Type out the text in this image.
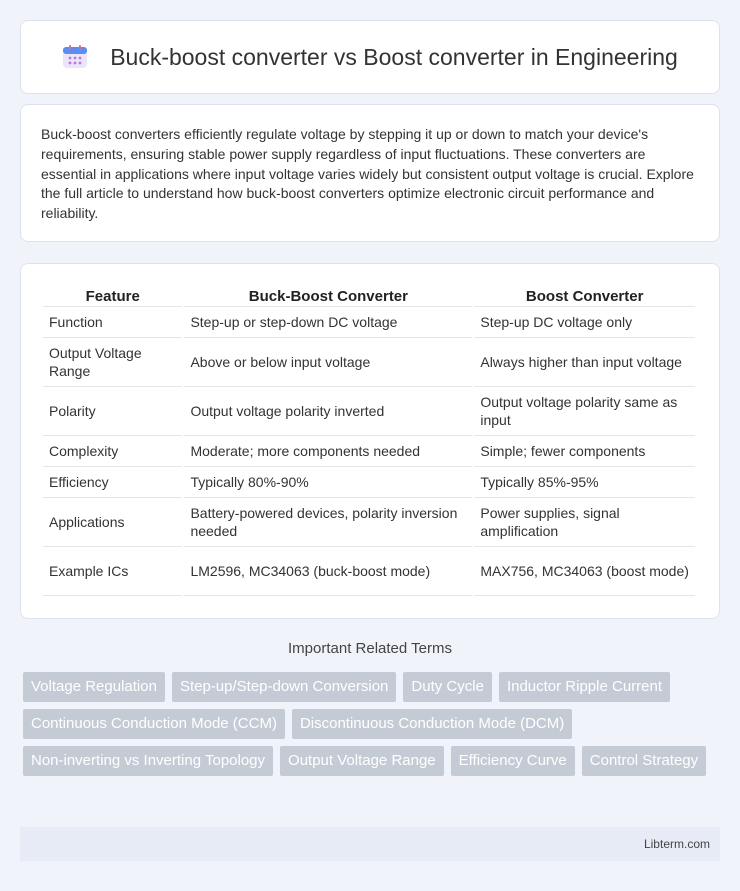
Buck-boost converter vs Boost converter in Engineering

Buck-boost converters efficiently regulate voltage by stepping it up or down to match your device's requirements, ensuring stable power supply regardless of input fluctuations. These converters are essential in applications where input voltage varies widely but consistent output voltage is crucial. Explore the full article to understand how buck-boost converters optimize electronic circuit performance and reliability.

Feature	Buck-Boost Converter	Boost Converter
Function	Step-up or step-down DC voltage	Step-up DC voltage only
Output Voltage Range	Above or below input voltage	Always higher than input voltage
Polarity	Output voltage polarity inverted	Output voltage polarity same as input
Complexity	Moderate; more components needed	Simple; fewer components
Efficiency	Typically 80%-90%	Typically 85%-95%
Applications	Battery-powered devices, polarity inversion needed	Power supplies, signal amplification
Example ICs	LM2596, MC34063 (buck-boost mode)	MAX756, MC34063 (boost mode)
Important Related Terms
Voltage Regulation	Step-up/Step-down Conversion	Duty Cycle	Inductor Ripple Current
Continuous Conduction Mode (CCM)	Discontinuous Conduction Mode (DCM)
Non-inverting vs Inverting Topology	Output Voltage Range	Efficiency Curve	Control Strategy
Libterm.com
